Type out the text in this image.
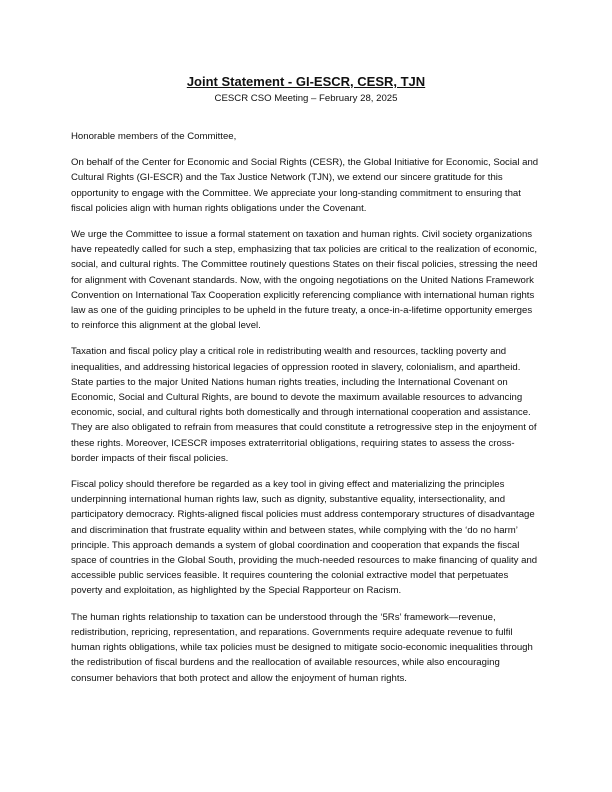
Joint Statement - GI-ESCR, CESR, TJN

CESCR CSO Meeting – February 28, 2025

Honorable members of the Committee,

On behalf of the Center for Economic and Social Rights (CESR), the Global Initiative for Economic, Social and Cultural Rights (GI-ESCR) and the Tax Justice Network (TJN), we extend our sincere gratitude for this opportunity to engage with the Committee. We appreciate your long-standing commitment to ensuring that fiscal policies align with human rights obligations under the Covenant.

We urge the Committee to issue a formal statement on taxation and human rights. Civil society organizations have repeatedly called for such a step, emphasizing that tax policies are critical to the realization of economic, social, and cultural rights. The Committee routinely questions States on their fiscal policies, stressing the need for alignment with Covenant standards. Now, with the ongoing negotiations on the United Nations Framework Convention on International Tax Cooperation explicitly referencing compliance with international human rights law as one of the guiding principles to be upheld in the future treaty, a once-in-a-lifetime opportunity emerges to reinforce this alignment at the global level.

Taxation and fiscal policy play a critical role in redistributing wealth and resources, tackling poverty and inequalities, and addressing historical legacies of oppression rooted in slavery, colonialism, and apartheid. State parties to the major United Nations human rights treaties, including the International Covenant on Economic, Social and Cultural Rights, are bound to devote the maximum available resources to advancing economic, social, and cultural rights both domestically and through international cooperation and assistance. They are also obligated to refrain from measures that could constitute a retrogressive step in the enjoyment of these rights. Moreover, ICESCR imposes extraterritorial obligations, requiring states to assess the cross-border impacts of their fiscal policies.

Fiscal policy should therefore be regarded as a key tool in giving effect and materializing the principles underpinning international human rights law, such as dignity, substantive equality, intersectionality, and participatory democracy. Rights-aligned fiscal policies must address contemporary structures of disadvantage and discrimination that frustrate equality within and between states, while complying with the ‘do no harm’ principle. This approach demands a system of global coordination and cooperation that expands the fiscal space of countries in the Global South, providing the much-needed resources to make financing of quality and accessible public services feasible. It requires countering the colonial extractive model that perpetuates poverty and exploitation, as highlighted by the Special Rapporteur on Racism.

The human rights relationship to taxation can be understood through the ‘5Rs’ framework—revenue, redistribution, repricing, representation, and reparations. Governments require adequate revenue to fulfil human rights obligations, while tax policies must be designed to mitigate socio-economic inequalities through the redistribution of fiscal burdens and the reallocation of available resources, while also encouraging consumer behaviors that both protect and allow the enjoyment of human rights.
